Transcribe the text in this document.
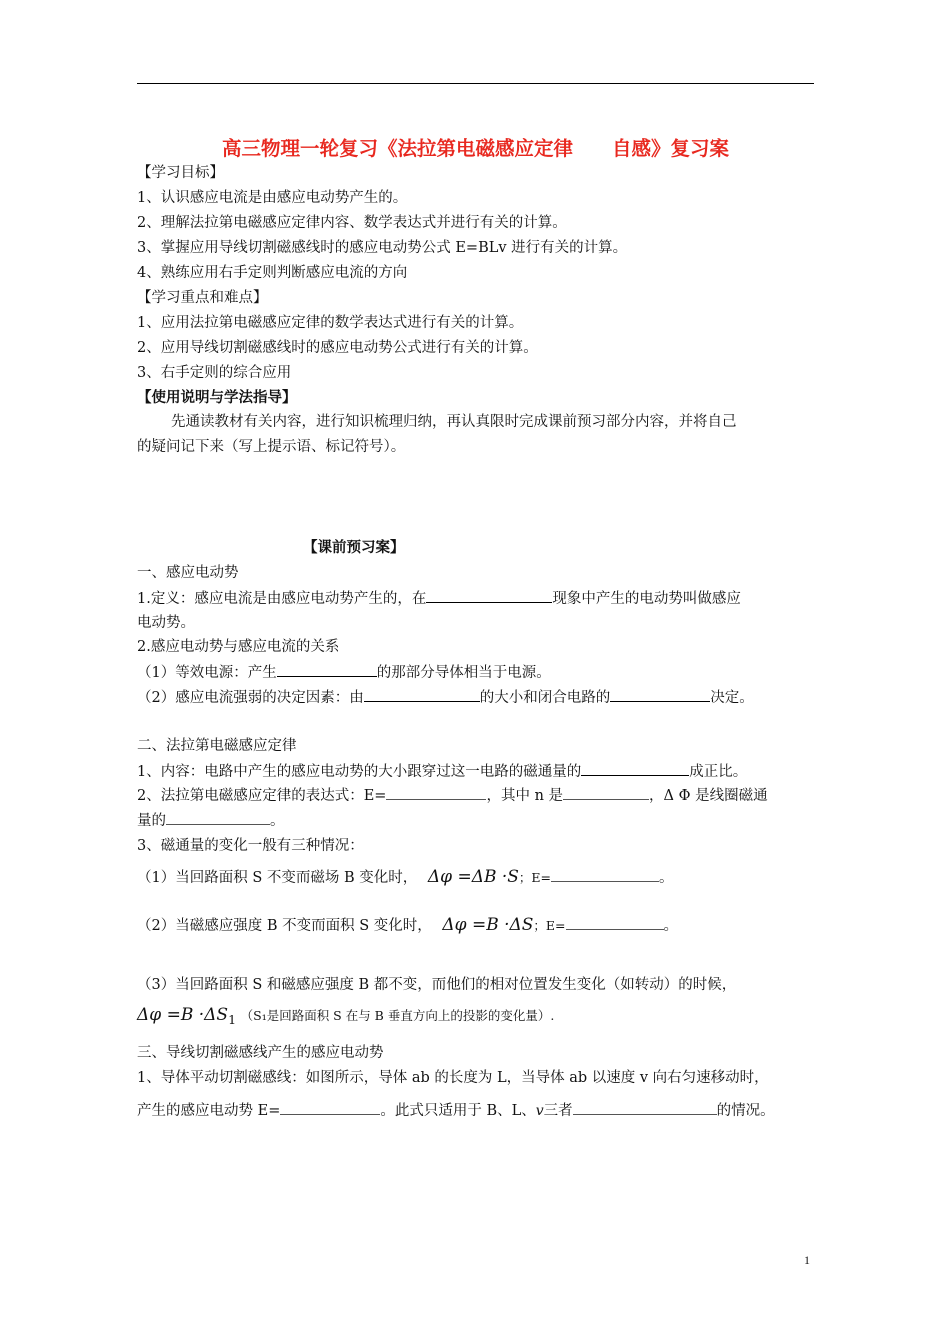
高三物理一轮复习《法拉第电磁感应定律　　自感》复习案
【学习目标】
1、认识感应电流是由感应电动势产生的。
2、理解法拉第电磁感应定律内容、数学表达式并进行有关的计算。
3、掌握应用导线切割磁感线时的感应电动势公式 E=BLv 进行有关的计算。
4、熟练应用右手定则判断感应电流的方向
【学习重点和难点】
1、应用法拉第电磁感应定律的数学表达式进行有关的计算。
2、应用导线切割磁感线时的感应电动势公式进行有关的计算。
3、右手定则的综合应用
【使用说明与学法指导】
先通读教材有关内容，进行知识梳理归纳，再认真限时完成课前预习部分内容，并将自己
的疑问记下来（写上提示语、标记符号）。
【课前预习案】
一、感应电动势
1.定义：感应电流是由感应电动势产生的，在	现象中产生的电动势叫做感应
电动势。
2.感应电动势与感应电流的关系
（1）等效电源：产生	的那部分导体相当于电源。
（2）感应电流强弱的决定因素：由	的大小和闭合电路的	决定。
二、法拉第电磁感应定律
1、内容：电路中产生的感应电动势的大小跟穿过这一电路的磁通量的	成正比。
2、法拉第电磁感应定律的表达式：E=	，其中 n 是	，Δ Φ 是线圈磁通
量的	。
3、磁通量的变化一般有三种情况：
（1）当回路面积 S 不变而磁场 B 变化时， Δφ =ΔB ·S；E=	。
（2）当磁感应强度 B 不变而面积 S 变化时， Δφ =B ·ΔS；E=	。
（3）当回路面积 S 和磁感应强度 B 都不变，而他们的相对位置发生变化（如转动）的时候，
$\Delta\varphi =B \cdot\Delta S_1$ （S₁是回路面积 S 在与 B 垂直方向上的投影的变化量）.
三、导线切割磁感线产生的感应电动势
1、导体平动切割磁感线：如图所示，导体 ab 的长度为 L，当导体 ab 以速度 v 向右匀速移动时，
产生的感应电动势 E=	。此式只适用于 B、L、v三者	的情况。
1
